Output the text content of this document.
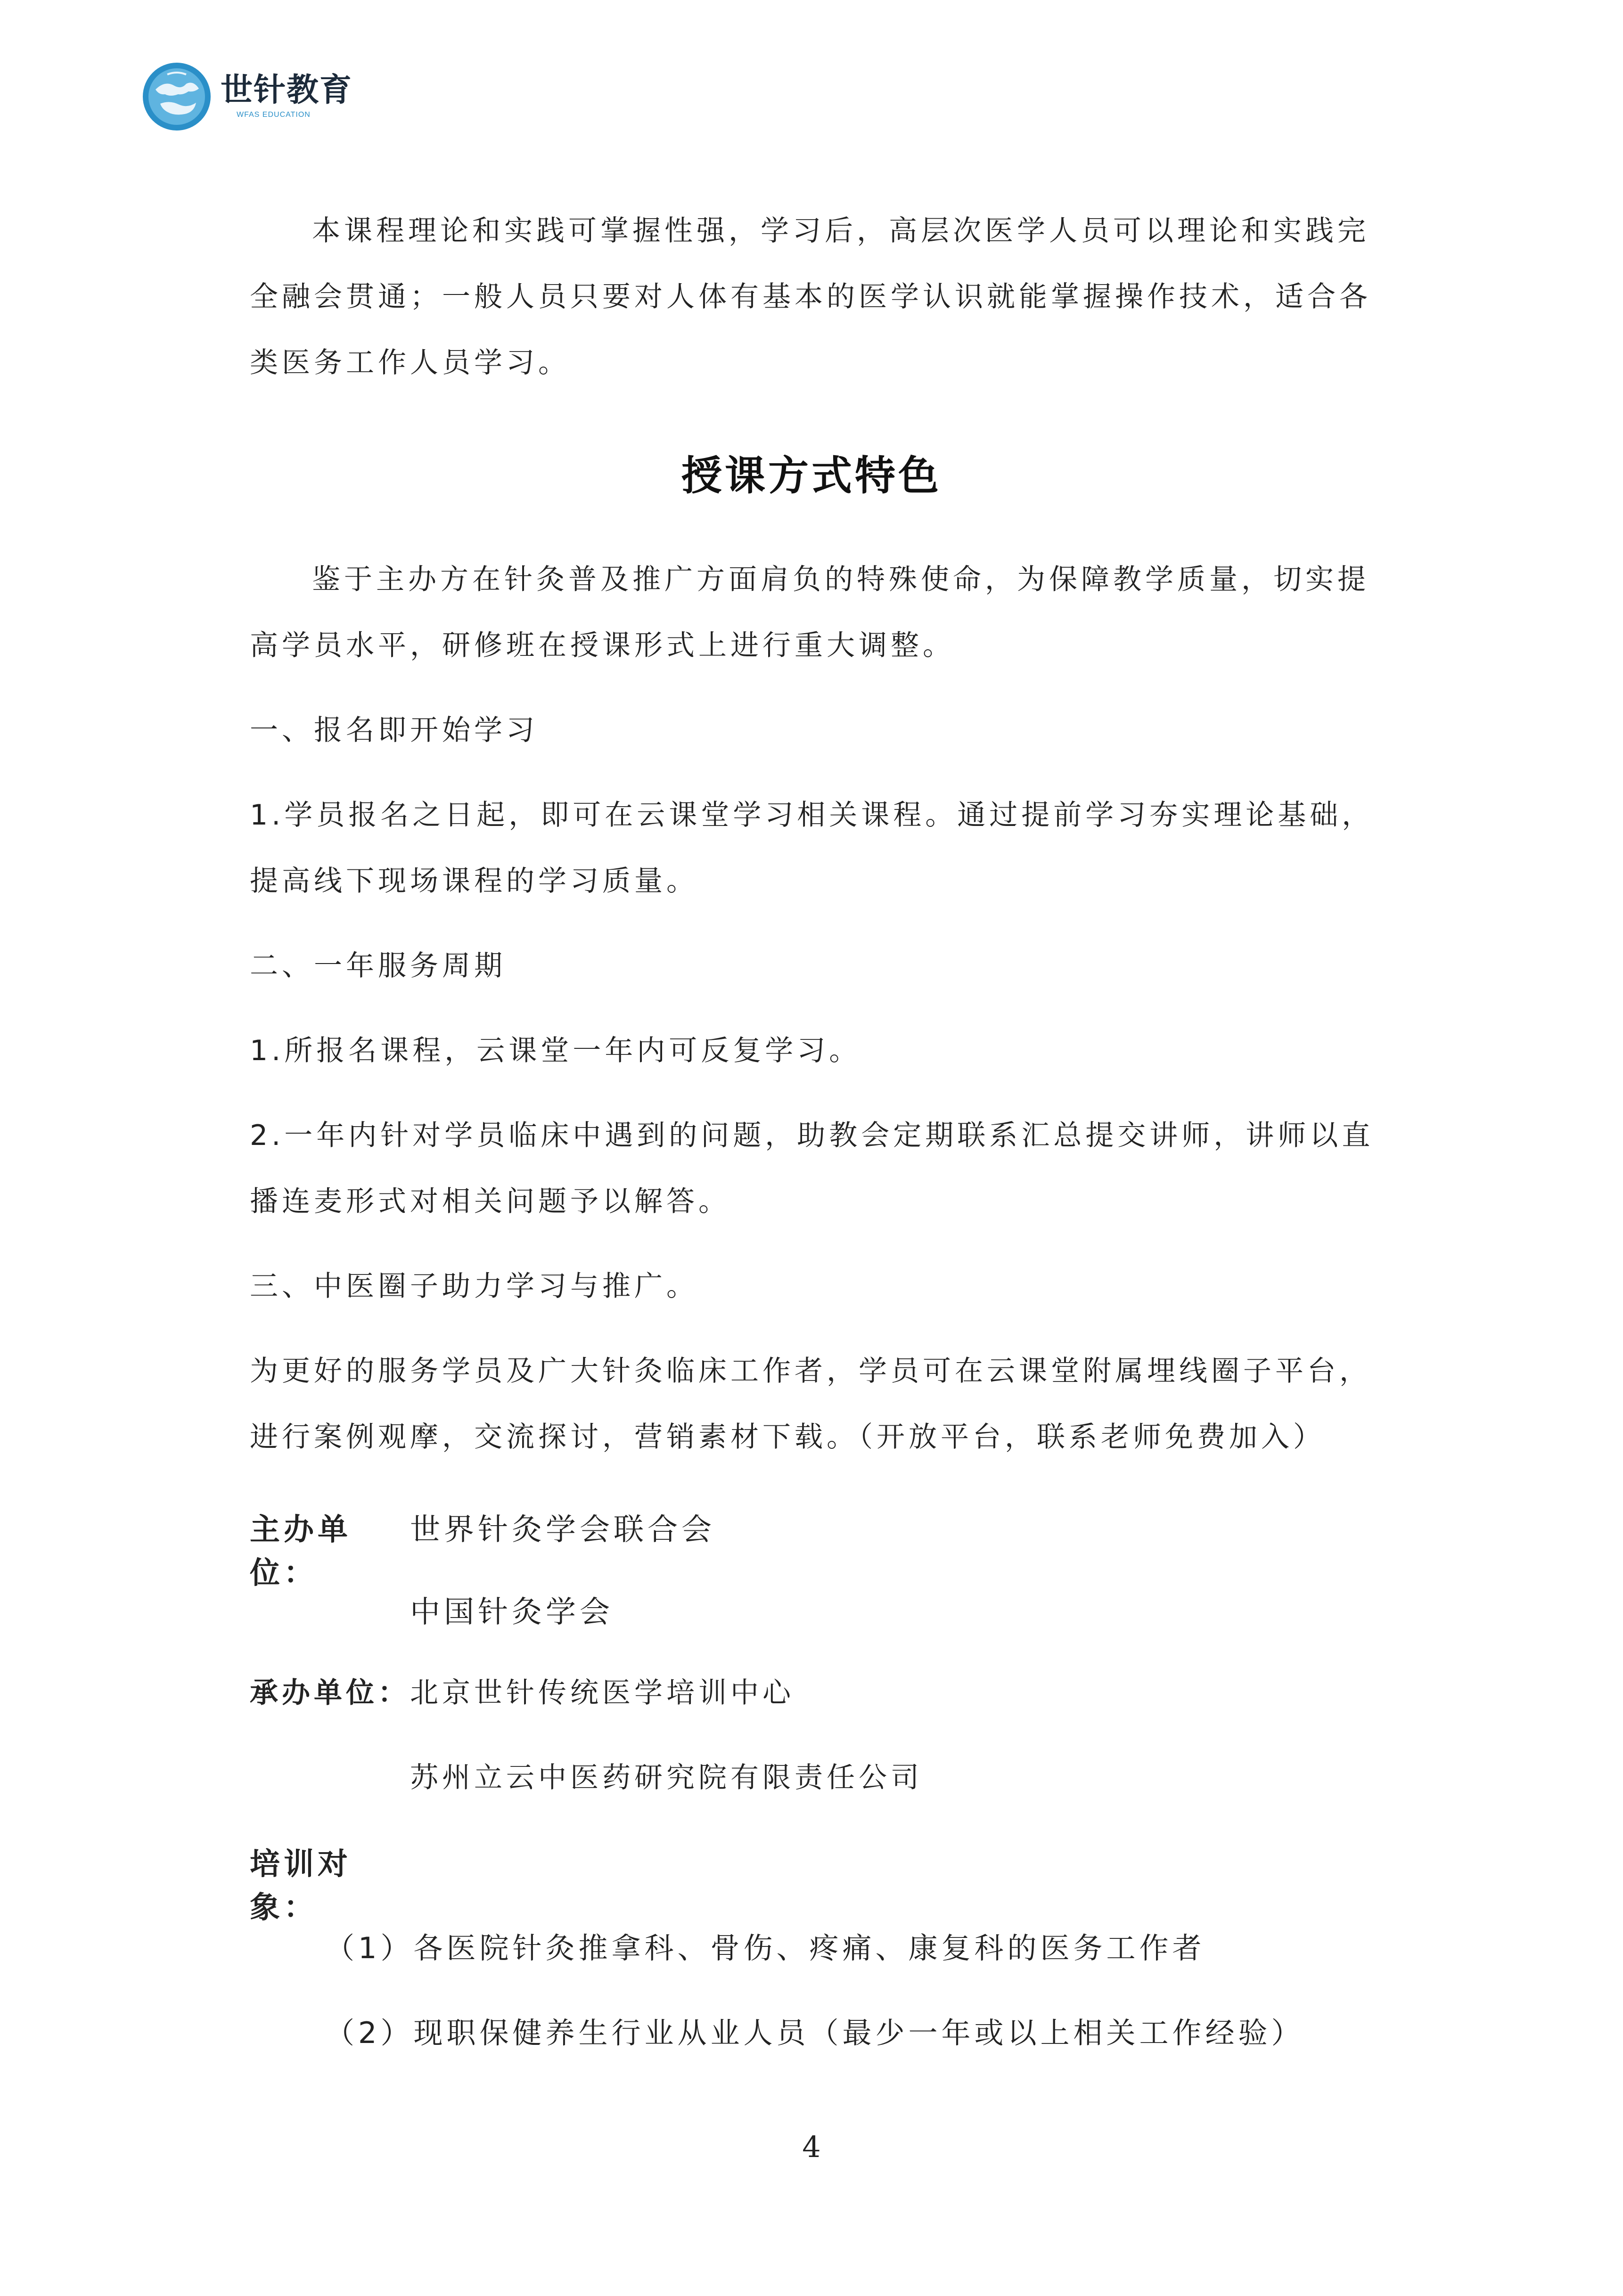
世针教育
WFAS EDUCATION

本课程理论和实践可掌握性强，学习后，高层次医学人员可以理论和实践完全融会贯通；一般人员只要对人体有基本的医学认识就能掌握操作技术，适合各类医务工作人员学习。

授课方式特色

鉴于主办方在针灸普及推广方面肩负的特殊使命，为保障教学质量，切实提高学员水平，研修班在授课形式上进行重大调整。

一、报名即开始学习

1.学员报名之日起，即可在云课堂学习相关课程。通过提前学习夯实理论基础，提高线下现场课程的学习质量。

二、一年服务周期

1.所报名课程，云课堂一年内可反复学习。

2.一年内针对学员临床中遇到的问题，助教会定期联系汇总提交讲师，讲师以直播连麦形式对相关问题予以解答。

三、中医圈子助力学习与推广。

为更好的服务学员及广大针灸临床工作者，学员可在云课堂附属埋线圈子平台，进行案例观摩，交流探讨，营销素材下载。（开放平台，联系老师免费加入）

主办单位：
世界针灸学会联合会
中国针灸学会
承办单位： 北京世针传统医学培训中心
苏州立云中医药研究院有限责任公司
培训对象：
（1）各医院针灸推拿科、骨伤、疼痛、康复科的医务工作者
（2）现职保健养生行业从业人员（最少一年或以上相关工作经验）
4
